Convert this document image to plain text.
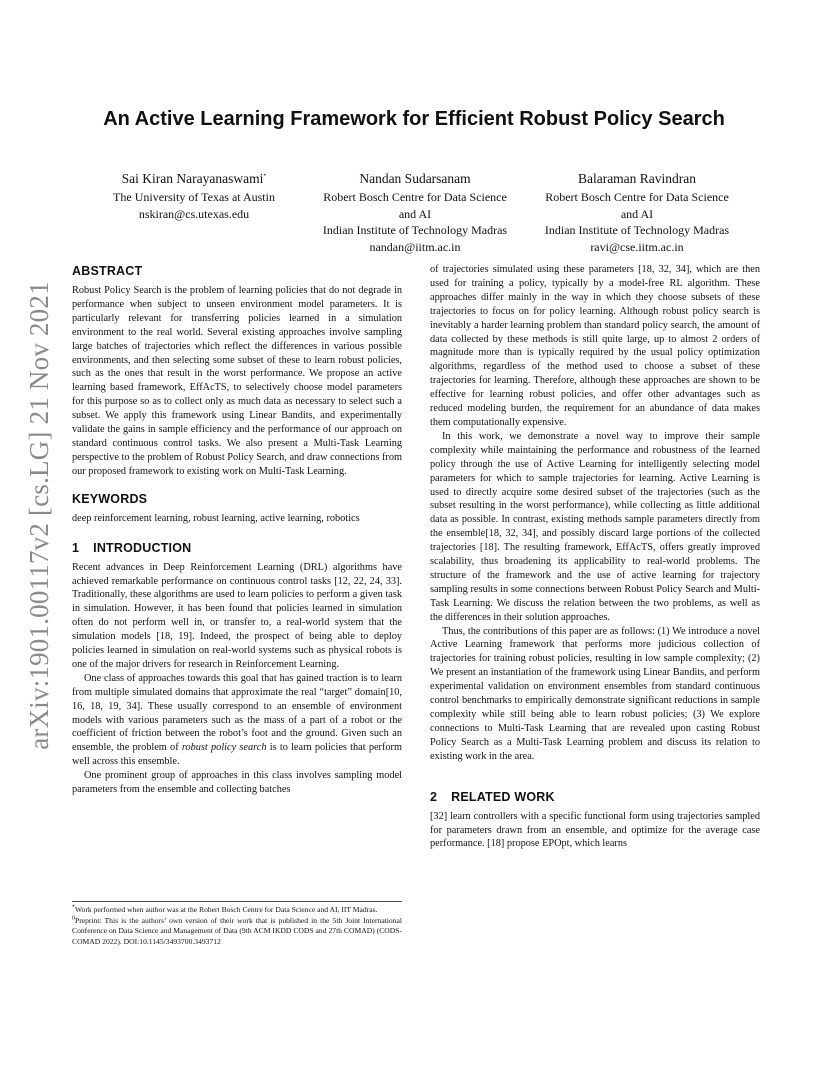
arXiv:1901.00117v2 [cs.LG] 21 Nov 2021
An Active Learning Framework for Efficient Robust Policy Search
Sai Kiran Narayanaswami*
The University of Texas at Austin
nskiran@cs.utexas.edu
Nandan Sudarsanam
Robert Bosch Centre for Data Science
and AI
Indian Institute of Technology Madras
nandan@iitm.ac.in
Balaraman Ravindran
Robert Bosch Centre for Data Science
and AI
Indian Institute of Technology Madras
ravi@cse.iitm.ac.in
ABSTRACT

Robust Policy Search is the problem of learning policies that do not degrade in performance when subject to unseen environment model parameters. It is particularly relevant for transferring policies learned in a simulation environment to the real world. Several existing approaches involve sampling large batches of trajectories which reflect the differences in various possible environments, and then selecting some subset of these to learn robust policies, such as the ones that result in the worst performance. We propose an active learning based framework, EffAcTS, to selectively choose model parameters for this purpose so as to collect only as much data as necessary to select such a subset. We apply this framework using Linear Bandits, and experimentally validate the gains in sample efficiency and the performance of our approach on standard continuous control tasks. We also present a Multi-Task Learning perspective to the problem of Robust Policy Search, and draw connections from our proposed framework to existing work on Multi-Task Learning.

KEYWORDS

deep reinforcement learning, robust learning, active learning, robotics

1 INTRODUCTION

Recent advances in Deep Reinforcement Learning (DRL) algorithms have achieved remarkable performance on continuous control tasks [12, 22, 24, 33]. Traditionally, these algorithms are used to learn policies to perform a given task in simulation. However, it has been found that policies learned in simulation often do not perform well in, or transfer to, a real-world system that the simulation models [18, 19]. Indeed, the prospect of being able to deploy policies learned in simulation on real-world systems such as physical robots is one of the major drivers for research in Reinforcement Learning.

One class of approaches towards this goal that has gained traction is to learn from multiple simulated domains that approximate the real “target” domain[10, 16, 18, 19, 34]. These usually correspond to an ensemble of environment models with various parameters such as the mass of a part of a robot or the coefficient of friction between the robot’s foot and the ground. Given such an ensemble, the problem of robust policy search is to learn policies that perform well across this ensemble.

One prominent group of approaches in this class involves sampling model parameters from the ensemble and collecting batches

*Work performed when author was at the Robert Bosch Centre for Data Science and AI, IIT Madras.

$^0$Preprint: This is the authors’ own version of their work that is published in the 5th Joint International Conference on Data Science and Management of Data (9th ACM IKDD CODS and 27th COMAD) (CODS-COMAD 2022). DOI:10.1145/3493700.3493712

of trajectories simulated using these parameters [18, 32, 34], which are then used for training a policy, typically by a model-free RL algorithm. These approaches differ mainly in the way in which they choose subsets of these trajectories to focus on for policy learning. Although robust policy search is inevitably a harder learning problem than standard policy search, the amount of data collected by these methods is still quite large, up to almost 2 orders of magnitude more than is typically required by the usual policy optimization algorithms, regardless of the method used to choose a subset of these trajectories for learning. Therefore, although these approaches are shown to be effective for learning robust policies, and offer other advantages such as reduced modeling burden, the requirement for an abundance of data makes them computationally expensive.

In this work, we demonstrate a novel way to improve their sample complexity while maintaining the performance and robustness of the learned policy through the use of Active Learning for intelligently selecting model parameters for which to sample trajectories for learning. Active Learning is used to directly acquire some desired subset of the trajectories (such as the subset resulting in the worst performance), while collecting as little additional data as possible. In contrast, existing methods sample parameters directly from the ensemble[18, 32, 34], and possibly discard large portions of the collected trajectories [18]. The resulting framework, EffAcTS, offers greatly improved scalability, thus broadening its applicability to real-world problems. The structure of the framework and the use of active learning for trajectory sampling results in some connections between Robust Policy Search and Multi-Task Learning. We discuss the relation between the two problems, as well as the differences in their solution approaches.

Thus, the contributions of this paper are as follows: (1) We introduce a novel Active Learning framework that performs more judicious collection of trajectories for training robust policies, resulting in low sample complexity; (2) We present an instantiation of the framework using Linear Bandits, and perform experimental validation on environment ensembles from standard continuous control benchmarks to empirically demonstrate significant reductions in sample complexity while still being able to learn robust policies; (3) We explore connections to Multi-Task Learning that are revealed upon casting Robust Policy Search as a Multi-Task Learning problem and discuss its relation to existing work in the area.

2 RELATED WORK

[32] learn controllers with a specific functional form using trajectories sampled for parameters drawn from an ensemble, and optimize for the average case performance. [18] propose EPOpt, which learns
